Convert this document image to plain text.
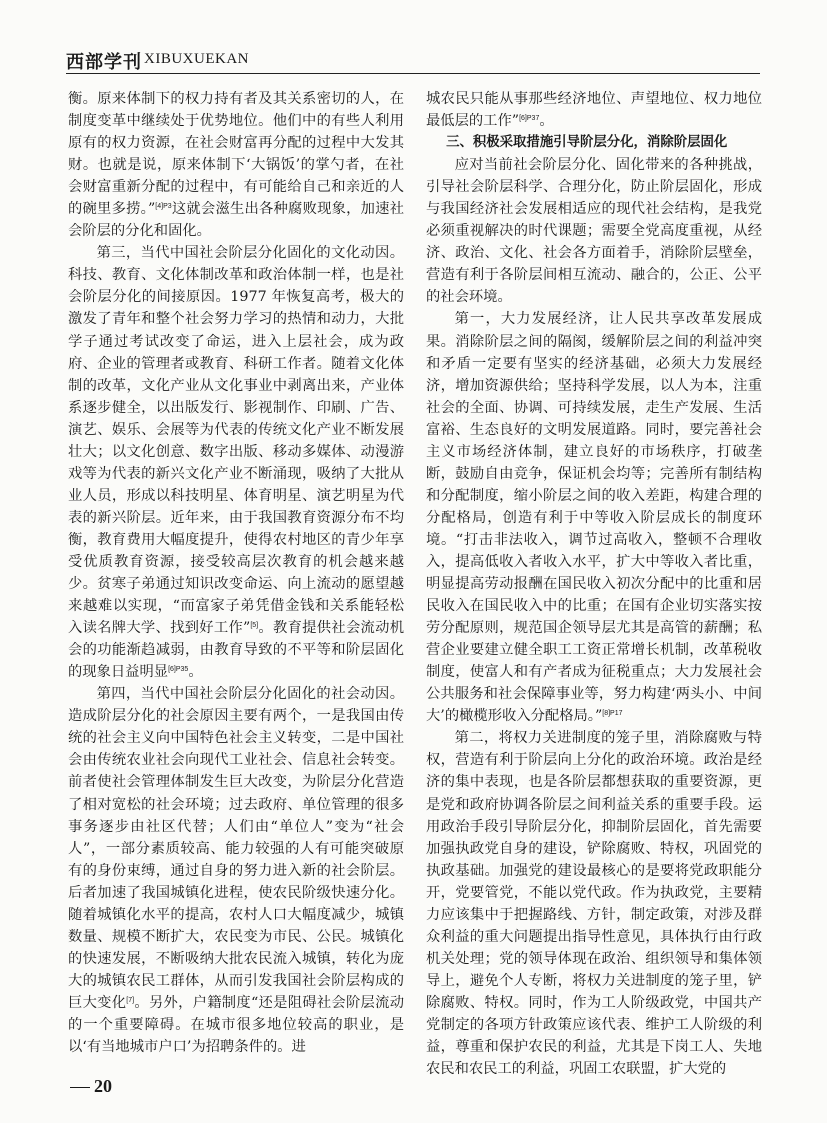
西部学刊 XIBUXUEKAN

衡。原来体制下的权力持有者及其关系密切的人，在制度变革中继续处于优势地位。他们中的有些人利用原有的权力资源，在社会财富再分配的过程中大发其财。也就是说，原来体制下‘大锅饭’的掌勺者，在社会财富重新分配的过程中，有可能给自己和亲近的人的碗里多捞。”$^{[4]P3}$这就会滋生出各种腐败现象，加速社会阶层的分化和固化。

第三，当代中国社会阶层分化固化的文化动因。科技、教育、文化体制改革和政治体制一样，也是社会阶层分化的间接原因。1977 年恢复高考，极大的激发了青年和整个社会努力学习的热情和动力，大批学子通过考试改变了命运，进入上层社会，成为政府、企业的管理者或教育、科研工作者。随着文化体制的改革，文化产业从文化事业中剥离出来，产业体系逐步健全，以出版发行、影视制作、印刷、广告、演艺、娱乐、会展等为代表的传统文化产业不断发展壮大；以文化创意、数字出版、移动多媒体、动漫游戏等为代表的新兴文化产业不断涌现，吸纳了大批从业人员，形成以科技明星、体育明星、演艺明星为代表的新兴阶层。近年来，由于我国教育资源分布不均衡，教育费用大幅度提升，使得农村地区的青少年享受优质教育资源，接受较高层次教育的机会越来越少。贫寒子弟通过知识改变命运、向上流动的愿望越来越难以实现，“而富家子弟凭借金钱和关系能轻松入读名牌大学、找到好工作”[5]。教育提供社会流动机会的功能渐趋减弱，由教育导致的不平等和阶层固化的现象日益明显$^{[6]P35}$。

第四，当代中国社会阶层分化固化的社会动因。造成阶层分化的社会原因主要有两个，一是我国由传统的社会主义向中国特色社会主义转变，二是中国社会由传统农业社会向现代工业社会、信息社会转变。前者使社会管理体制发生巨大改变，为阶层分化营造了相对宽松的社会环境；过去政府、单位管理的很多事务逐步由社区代替；人们由“单位人”变为“社会人”，一部分素质较高、能力较强的人有可能突破原有的身份束缚，通过自身的努力进入新的社会阶层。后者加速了我国城镇化进程，使农民阶级快速分化。随着城镇化水平的提高，农村人口大幅度减少，城镇数量、规模不断扩大，农民变为市民、公民。城镇化的快速发展，不断吸纳大批农民流入城镇，转化为庞大的城镇农民工群体，从而引发我国社会阶层构成的巨大变化[7]。另外，户籍制度“还是阻碍社会阶层流动的一个重要障碍。在城市很多地位较高的职业，是以‘有当地城市户口’为招聘条件的。进

城农民只能从事那些经济地位、声望地位、权力地位最低层的工作”$^{[6]P37}$。

三、积极采取措施引导阶层分化，消除阶层固化

应对当前社会阶层分化、固化带来的各种挑战，引导社会阶层科学、合理分化，防止阶层固化，形成与我国经济社会发展相适应的现代社会结构，是我党必须重视解决的时代课题；需要全党高度重视，从经济、政治、文化、社会各方面着手，消除阶层壁垒，营造有利于各阶层间相互流动、融合的，公正、公平的社会环境。

第一，大力发展经济，让人民共享改革发展成果。消除阶层之间的隔阂，缓解阶层之间的利益冲突和矛盾一定要有坚实的经济基础，必须大力发展经济，增加资源供给；坚持科学发展，以人为本，注重社会的全面、协调、可持续发展，走生产发展、生活富裕、生态良好的文明发展道路。同时，要完善社会主义市场经济体制，建立良好的市场秩序，打破垄断，鼓励自由竞争，保证机会均等；完善所有制结构和分配制度，缩小阶层之间的收入差距，构建合理的分配格局，创造有利于中等收入阶层成长的制度环境。“打击非法收入，调节过高收入，整顿不合理收入，提高低收入者收入水平，扩大中等收入者比重，明显提高劳动报酬在国民收入初次分配中的比重和居民收入在国民收入中的比重；在国有企业切实落实按劳分配原则，规范国企领导层尤其是高管的薪酬；私营企业要建立健全职工工资正常增长机制，改革税收制度，使富人和有产者成为征税重点；大力发展社会公共服务和社会保障事业等，努力构建‘两头小、中间大’的橄榄形收入分配格局。”$^{[8]P17}$

第二，将权力关进制度的笼子里，消除腐败与特权，营造有利于阶层向上分化的政治环境。政治是经济的集中表现，也是各阶层都想获取的重要资源，更是党和政府协调各阶层之间利益关系的重要手段。运用政治手段引导阶层分化，抑制阶层固化，首先需要加强执政党自身的建设，铲除腐败、特权，巩固党的执政基础。加强党的建设最核心的是要将党政职能分开，党要管党，不能以党代政。作为执政党，主要精力应该集中于把握路线、方针，制定政策，对涉及群众利益的重大问题提出指导性意见，具体执行由行政机关处理；党的领导体现在政治、组织领导和集体领导上，避免个人专断，将权力关进制度的笼子里，铲除腐败、特权。同时，作为工人阶级政党，中国共产党制定的各项方针政策应该代表、维护工人阶级的利益，尊重和保护农民的利益，尤其是下岗工人、失地农民和农民工的利益，巩固工农联盟，扩大党的

20
